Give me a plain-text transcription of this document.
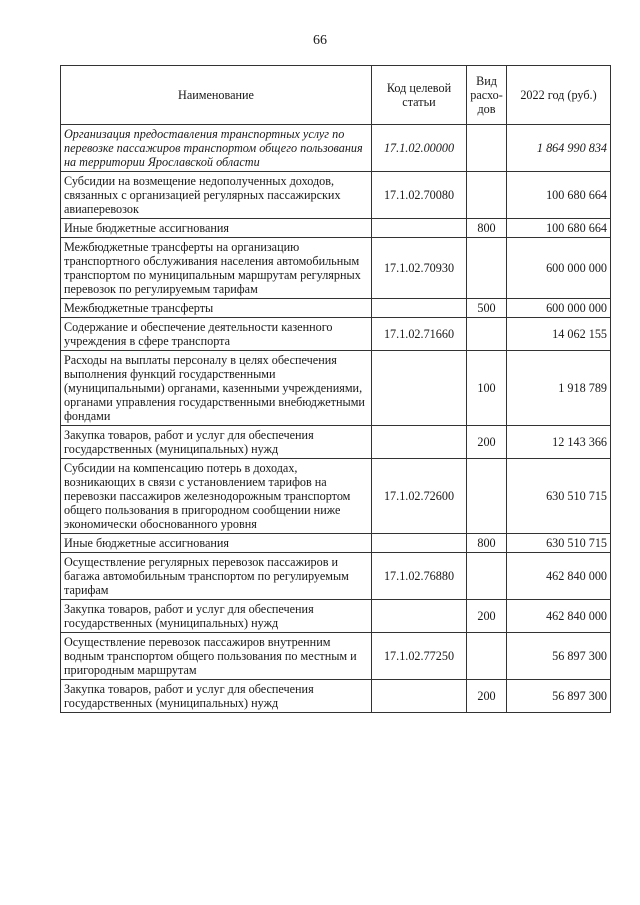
66
Наименование	Код целевой статьи	Вид расхо-дов	2022 год (руб.)
Организация предоставления транспортных услуг по перевозке пассажиров транспортом общего пользования на территории Ярославской области	17.1.02.00000		1 864 990 834
Субсидии на возмещение недополученных доходов, связанных с организацией регулярных пассажирских авиаперевозок	17.1.02.70080		100 680 664
Иные бюджетные ассигнования		800	100 680 664
Межбюджетные трансферты на организацию транспортного обслуживания населения автомобильным транспортом по муниципальным маршрутам регулярных перевозок по регулируемым тарифам	17.1.02.70930		600 000 000
Межбюджетные трансферты		500	600 000 000
Содержание и обеспечение деятельности казенного учреждения в сфере транспорта	17.1.02.71660		14 062 155
Расходы на выплаты персоналу в целях обеспечения выполнения функций государственными (муниципальными) органами, казенными учреждениями, органами управления государственными внебюджетными фондами		100	1 918 789
Закупка товаров, работ и услуг для обеспечения государственных (муниципальных) нужд		200	12 143 366
Субсидии на компенсацию потерь в доходах, возникающих в связи с установлением тарифов на перевозки пассажиров железнодорожным транспортом общего пользования в пригородном сообщении ниже экономически обоснованного уровня	17.1.02.72600		630 510 715
Иные бюджетные ассигнования		800	630 510 715
Осуществление регулярных перевозок пассажиров и багажа автомобильным транспортом по регулируемым тарифам	17.1.02.76880		462 840 000
Закупка товаров, работ и услуг для обеспечения государственных (муниципальных) нужд		200	462 840 000
Осуществление перевозок пассажиров внутренним водным транспортом общего пользования по местным и пригородным маршрутам	17.1.02.77250		56 897 300
Закупка товаров, работ и услуг для обеспечения государственных (муниципальных) нужд		200	56 897 300
